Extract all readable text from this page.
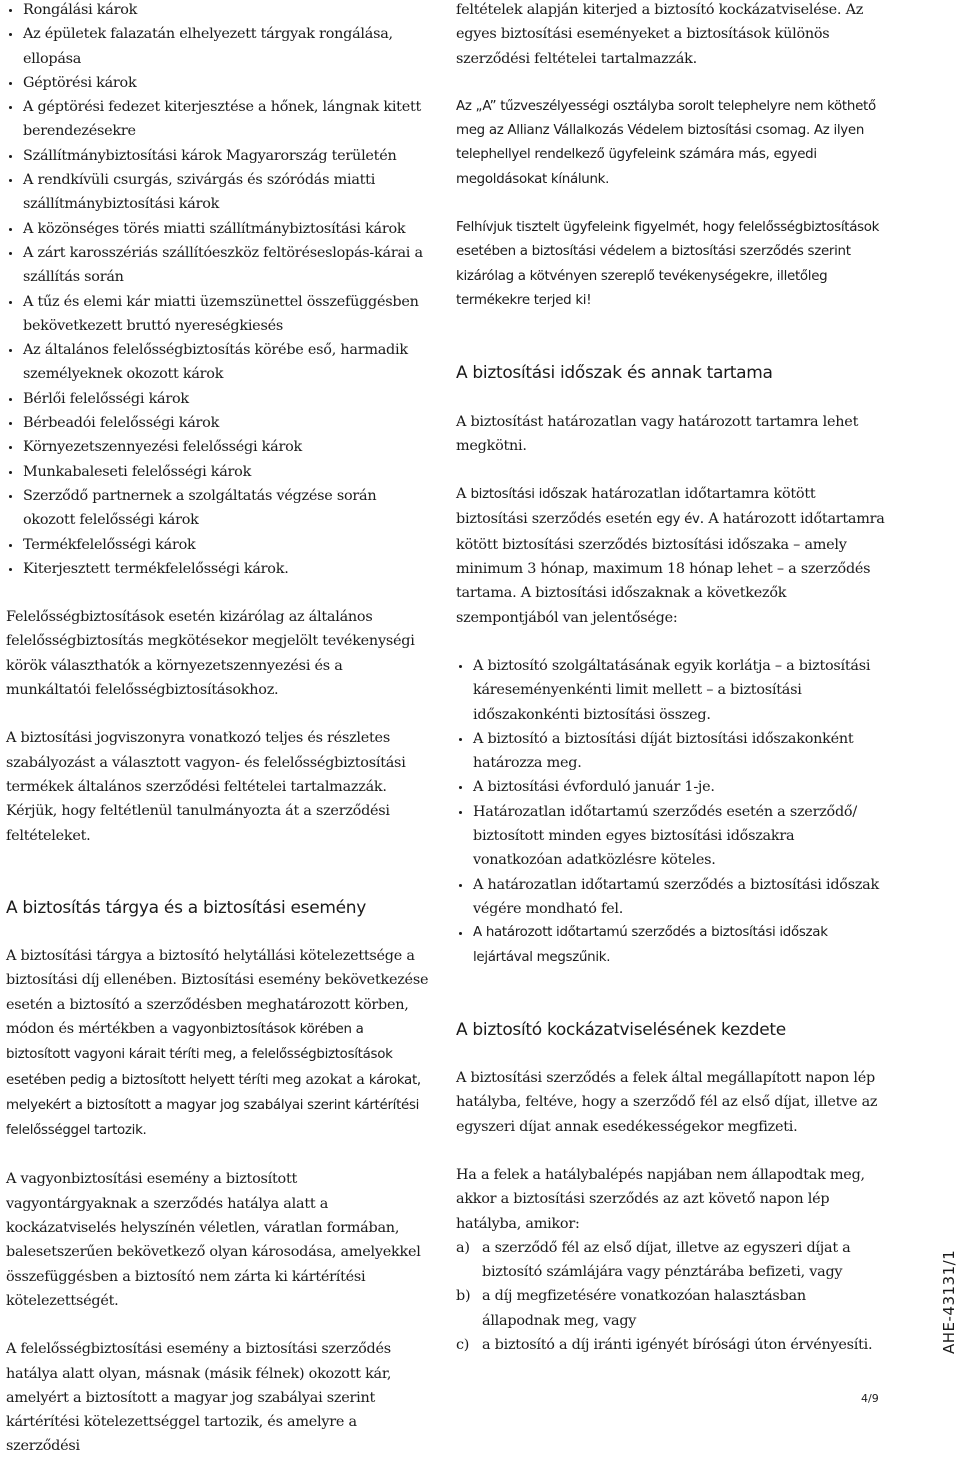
Rongálási károk
Az épületek falazatán elhelyezett tárgyak rongálása, ellopása
Géptörési károk
A géptörési fedezet kiterjesztése a hőnek, lángnak kitett berendezésekre
Szállítmánybiztosítási károk Magyarország területén
A rendkívüli csurgás, szivárgás és szóródás miatti szállítmánybiztosítási károk
A közönséges törés miatti szállítmánybiztosítási károk
A zárt karosszériás szállítóeszköz feltöréseslopás-kárai a szállítás során
A tűz és elemi kár miatti üzemszünettel összefüggésben bekövetkezett bruttó nyereségkiesés
Az általános felelősségbiztosítás körébe eső, harmadik személyeknek okozott károk
Bérlői felelősségi károk
Bérbeadói felelősségi károk
Környezetszennyezési felelősségi károk
Munkabaleseti felelősségi károk
Szerződő partnernek a szolgáltatás végzése során okozott felelősségi károk
Termékfelelősségi károk
Kiterjesztett termékfelelősségi károk.

Felelősségbiztosítások esetén kizárólag az általános felelősségbiztosítás megkötésekor megjelölt tevékenységi körök választhatók a környezetszennyezési és a munkáltatói felelősségbiztosításokhoz.

A biztosítási jogviszonyra vonatkozó teljes és részletes szabályozást a választott vagyon- és felelősségbiztosítási termékek általános szerződési feltételei tartalmazzák. Kérjük, hogy feltétlenül tanulmányozta át a szerződési feltételeket.

A biztosítás tárgya és a biztosítási esemény

A biztosítási tárgya a biztosító helytállási kötelezettsége a biztosítási díj ellenében. Biztosítási esemény bekövetkezése esetén a biztosító a szerződésben meghatározott körben, módon és mértékben a vagyonbiztosítások körében a biztosított vagyoni kárait téríti meg, a felelősségbiztosítások esetében pedig a biztosított helyett téríti meg azokat a károkat, melyekért a biztosított a magyar jog szabályai szerint kártérítési felelősséggel tartozik.

A vagyonbiztosítási esemény a biztosított vagyontárgyaknak a szerződés hatálya alatt a kockázatviselés helyszínén véletlen, váratlan formában, balesetszerűen bekövetkező olyan károsodása, amelyekkel összefüggésben a biztosító nem zárta ki kártérítési kötelezettségét.

A felelősségbiztosítási esemény a biztosítási szerződés hatálya alatt olyan, másnak (másik félnek) okozott kár, amelyért a biztosított a magyar jog szabályai szerint kártérítési kötelezettséggel tartozik, és amelyre a szerződési

feltételek alapján kiterjed a biztosító kockázatviselése. Az egyes biztosítási eseményeket a biztosítások különös szerződési feltételei tartalmazzák.

Az „A” tűzveszélyességi osztályba sorolt telephelyre nem köthető meg az Allianz Vállalkozás Védelem biztosítási csomag. Az ilyen telephellyel rendelkező ügyfeleink számára más, egyedi megoldásokat kínálunk.

Felhívjuk tisztelt ügyfeleink figyelmét, hogy felelősségbiztosítások esetében a biztosítási védelem a biztosítási szerződés szerint kizárólag a kötvényen szereplő tevékenységekre, illetőleg termékekre terjed ki!

A biztosítási időszak és annak tartama

A biztosítást határozatlan vagy határozott tartamra lehet megkötni.

A biztosítási időszak határozatlan időtartamra kötött biztosítási szerződés esetén egy év. A határozott időtartamra kötött biztosítási szerződés biztosítási időszaka – amely minimum 3 hónap, maximum 18 hónap lehet – a szerződés tartama. A biztosítási időszaknak a következők szempontjából van jelentősége:

A biztosító szolgáltatásának egyik korlátja – a biztosítási káreseményenkénti limit mellett – a biztosítási időszakonkénti biztosítási összeg.
A biztosító a biztosítási díját biztosítási időszakonként határozza meg.
A biztosítási évforduló január 1-je.
Határozatlan időtartamú szerződés esetén a szerződő/ biztosított minden egyes biztosítási időszakra vonatkozóan adatközlésre köteles.
A határozatlan időtartamú szerződés a biztosítási időszak végére mondható fel.
A határozott időtartamú szerződés a biztosítási időszak lejártával megszűnik.
A biztosító kockázatviselésének kezdete

A biztosítási szerződés a felek által megállapított napon lép hatályba, feltéve, hogy a szerződő fél az első díjat, illetve az egyszeri díjat annak esedékességekor megfizeti.

Ha a felek a hatálybalépés napjában nem állapodtak meg, akkor a biztosítási szerződés az azt követő napon lép hatályba, amikor:

a) a szerződő fél az első díjat, illetve az egyszeri díjat a biztosító számlájára vagy pénztárába befizeti, vagy
b) a díj megfizetésére vonatkozóan halasztásban állapodnak meg, vagy
c) a biztosító a díj iránti igényét bírósági úton érvényesíti.	AHE-43131/1
4/9
